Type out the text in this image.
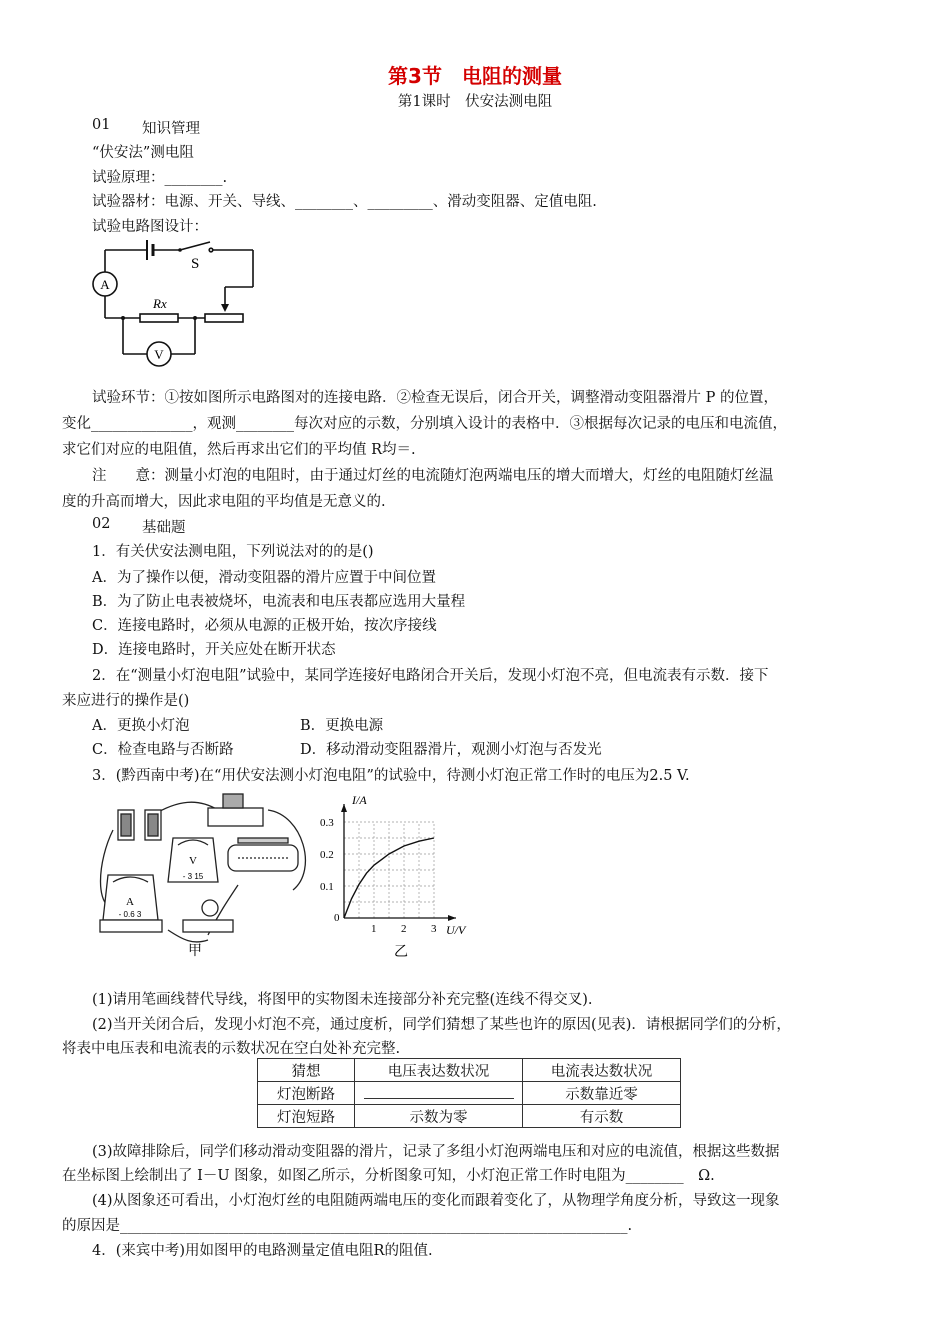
第3节　电阻的测量
第1课时　伏安法测电阻
01 知识管理
“伏安法”测电阻
试验原理：________.
试验器材：电源、开关、导线、________、_________、滑动变阻器、定值电阻.
试验电路图设计：
A
V
S
Rx
试验环节：①按如图所示电路图对的连接电路．②检查无误后，闭合开关，调整滑动变阻器滑片 P 的位置，
变化______________，观测________每次对应的示数，分别填入设计的表格中．③根据每次记录的电压和电流值，
求它们对应的电阻值，然后再求出它们的平均值 R均＝.
注　　意：测量小灯泡的电阻时，由于通过灯丝的电流随灯泡两端电压的增大而增大，灯丝的电阻随灯丝温
度的升高而增大，因此求电阻的平均值是无意义的.
02 基础题
1．有关伏安法测电阻，下列说法对的的是()
A．为了操作以便，滑动变阻器的滑片应置于中间位置
B．为了防止电表被烧坏，电流表和电压表都应选用大量程
C．连接电路时，必须从电源的正极开始，按次序接线
D．连接电路时，开关应处在断开状态
2．在“测量小灯泡电阻”试验中，某同学连接好电路闭合开关后，发现小灯泡不亮，但电流表有示数．接下
来应进行的操作是()
A．更换小灯泡	B．更换电源
C．检查电路与否断路	D．移动滑动变阻器滑片，观测小灯泡与否发光
3．(黔西南中考)在“用伏安法测小灯泡电阻”的试验中，待测小灯泡正常工作时的电压为2.5 V.
V
A
- 0.6 3
- 3 15
甲
1 2 3
0.1
0.2
0.3
I/A
U/V
0
乙
(1)请用笔画线替代导线，将图甲的实物图未连接部分补充完整(连线不得交叉).
(2)当开关闭合后，发现小灯泡不亮，通过度析，同学们猜想了某些也许的原因(见表)．请根据同学们的分析，
将表中电压表和电流表的示数状况在空白处补充完整.
猜想	电压表达数状况	电流表达数状况
灯泡断路		示数靠近零
灯泡短路	示数为零	有示数
(3)故障排除后，同学们移动滑动变阻器的滑片，记录了多组小灯泡两端电压和对应的电流值，根据这些数据
在坐标图上绘制出了 I－U 图象，如图乙所示，分析图象可知，小灯泡正常工作时电阻为________　Ω.
(4)从图象还可看出，小灯泡灯丝的电阻随两端电压的变化而跟着变化了，从物理学角度分析，导致这一现象
的原因是______________________________________________________________________.
4．(来宾中考)用如图甲的电路测量定值电阻R的阻值.
